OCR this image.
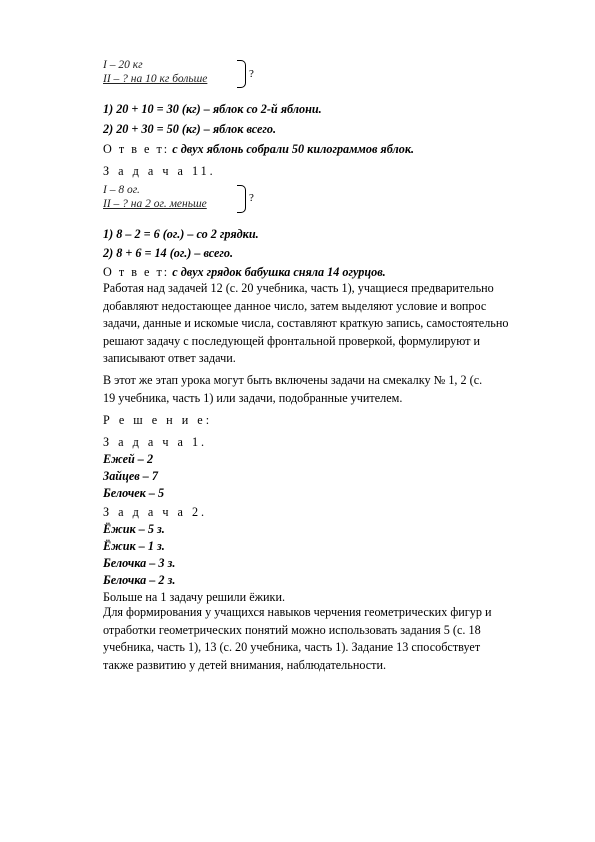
I – 20 кг
II – ? на 10 кг больше	?
1) 20 + 10 = 30 (кг) – яблок со 2-й яблони.
2) 20 + 30 = 50 (кг) – яблок всего.
О т в е т: с двух яблонь собрали 50 килограммов яблок.
З а д а ч а 11.
I – 8 ог.
II – ? на 2 ог. меньше	?
1) 8 – 2 = 6 (ог.) – со 2 грядки.
2) 8 + 6 = 14 (ог.) – всего.
О т в е т: с двух грядок бабушка сняла 14 огурцов.
Работая над задачей 12 (с. 20 учебника, часть 1), учащиеся предварительно
добавляют недостающее данное число, затем выделяют условие и вопрос
задачи, данные и искомые числа, составляют краткую запись, самостоятельно
решают задачу с последующей фронтальной проверкой, формулируют и
записывают ответ задачи.
В этот же этап урока могут быть включены задачи на смекалку № 1, 2 (с.
19 учебника, часть 1) или задачи, подобранные учителем.
Р е ш е н и е:
З а д а ч а 1.
Ежей – 2
Зайцев – 7
Белочек – 5
З а д а ч а 2.
Ёжик – 5 з.
Ёжик – 1 з.
Белочка – 3 з.
Белочка – 2 з.
Больше на 1 задачу решили ёжики.
Для формирования у учащихся навыков черчения геометрических фигур и
отработки геометрических понятий можно использовать задания 5 (с. 18
учебника, часть 1), 13 (с. 20 учебника, часть 1). Задание 13 способствует
также развитию у детей внимания, наблюдательности.
